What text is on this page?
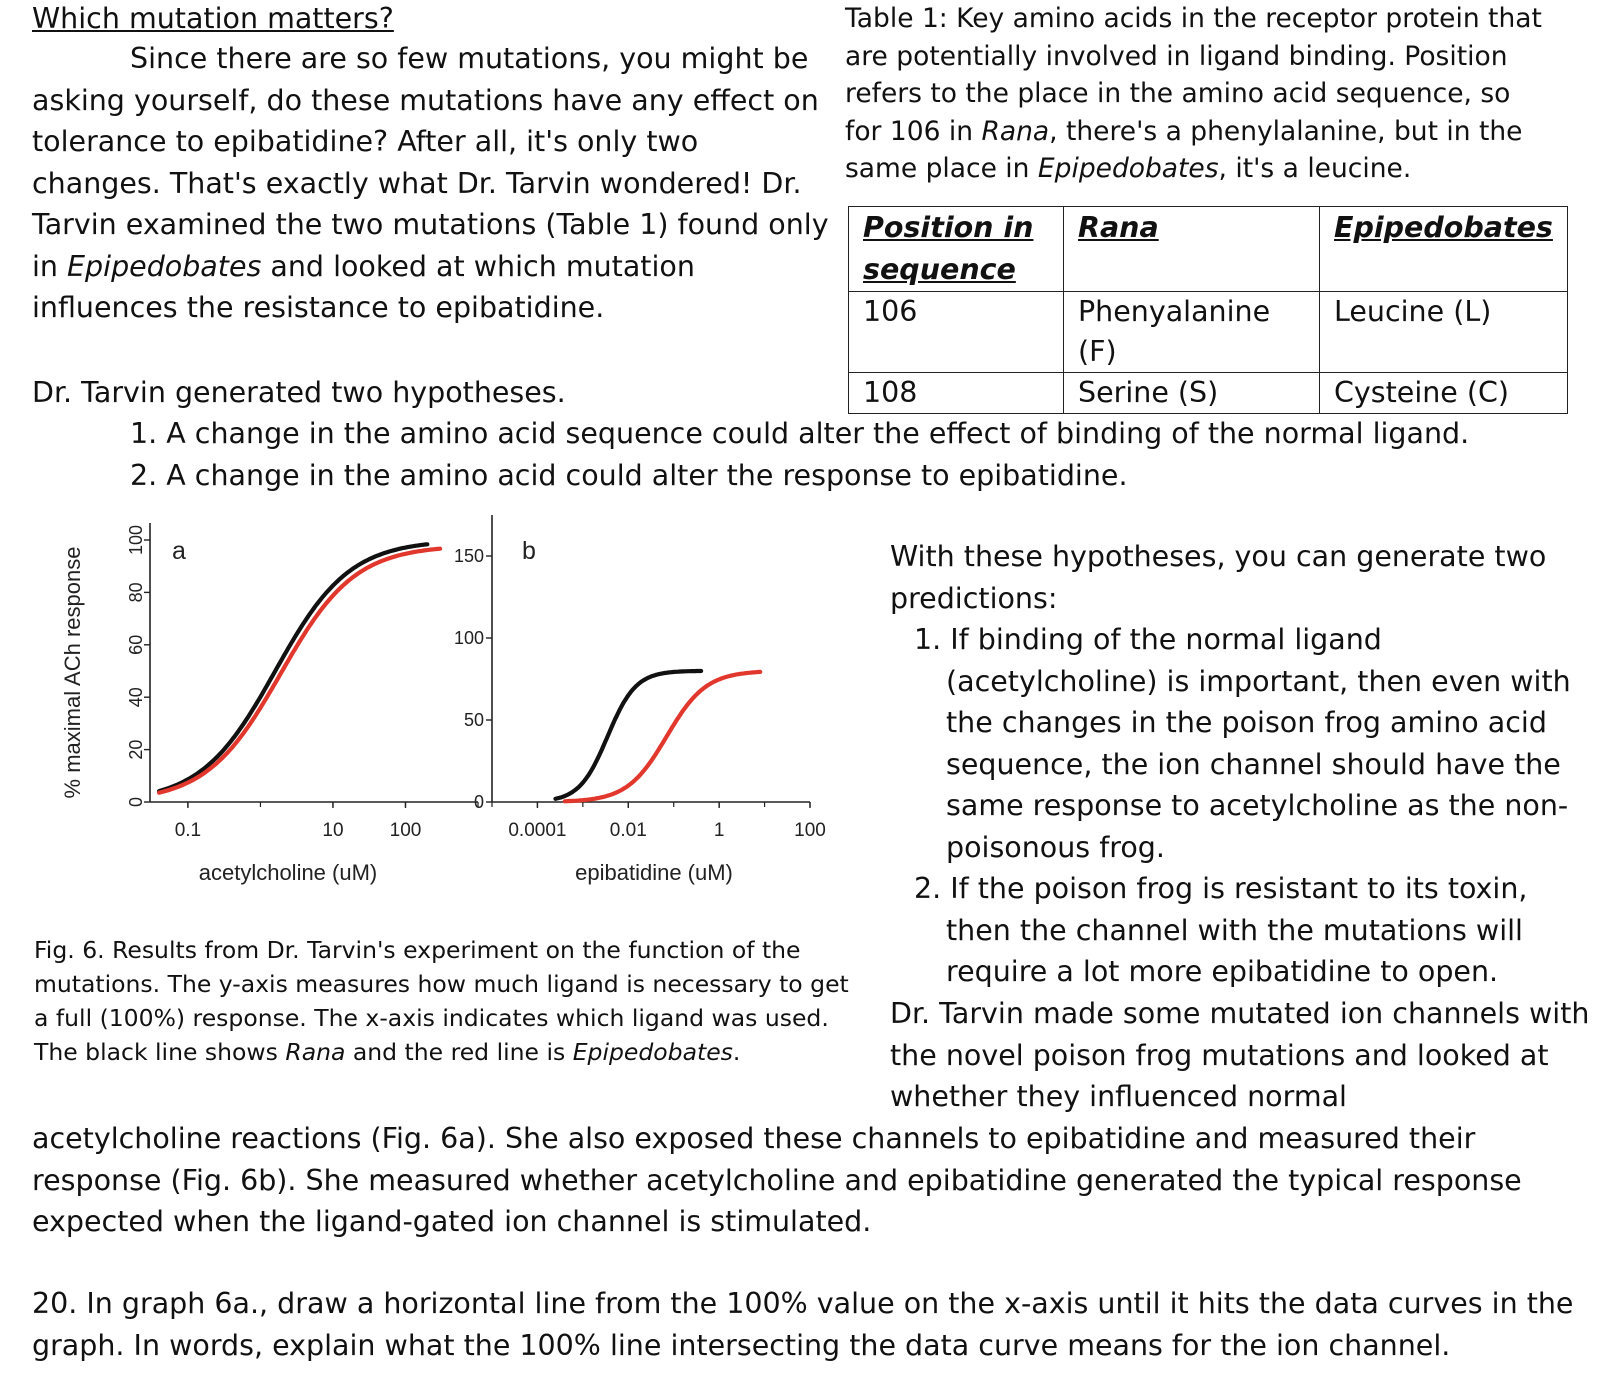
Which mutation matters?
Since there are so few mutations, you might be asking yourself, do these mutations have any effect on tolerance to epibatidine? After all, it's only two changes. That's exactly what Dr. Tarvin wondered! Dr. Tarvin examined the two mutations (Table 1) found only in Epipedobates and looked at which mutation influences the resistance to epibatidine.
Table 1: Key amino acids in the receptor protein that are potentially involved in ligand binding. Position refers to the place in the amino acid sequence, so for 106 in Rana, there's a phenylalanine, but in the same place in Epipedobates, it's a leucine.
Position in sequence	Rana	Epipedobates
106	Phenyalanine (F)	Leucine (L)
108	Serine (S)	Cysteine (C)
Dr. Tarvin generated two hypotheses.
1. A change in the amino acid sequence could alter the effect of binding of the normal ligand.
2. A change in the amino acid could alter the response to epibatidine.
0
20
40
60
80
100
0.1	10 100
acetylcholine (uM)
% maximal ACh response	a
0
50
100
150
0.0001 0.01	1	100
epibatidine (uM)
b
Fig. 6. Results from Dr. Tarvin's experiment on the function of the mutations. The y-axis measures how much ligand is necessary to get a full (100%) response. The x-axis indicates which ligand was used. The black line shows Rana and the red line is Epipedobates.
With these hypotheses, you can generate two predictions:
1. If binding of the normal ligand (acetylcholine) is important, then even with the changes in the poison frog amino acid sequence, the ion channel should have the same response to acetylcholine as the non-poisonous frog.
2. If the poison frog is resistant to its toxin, then the channel with the mutations will require a lot more epibatidine to open.
Dr. Tarvin made some mutated ion channels with the novel poison frog mutations and looked at whether they influenced normal
acetylcholine reactions (Fig. 6a). She also exposed these channels to epibatidine and measured their response (Fig. 6b). She measured whether acetylcholine and epibatidine generated the typical response expected when the ligand-gated ion channel is stimulated.
20. In graph 6a., draw a horizontal line from the 100% value on the x-axis until it hits the data curves in the graph. In words, explain what the 100% line intersecting the data curve means for the ion channel.
